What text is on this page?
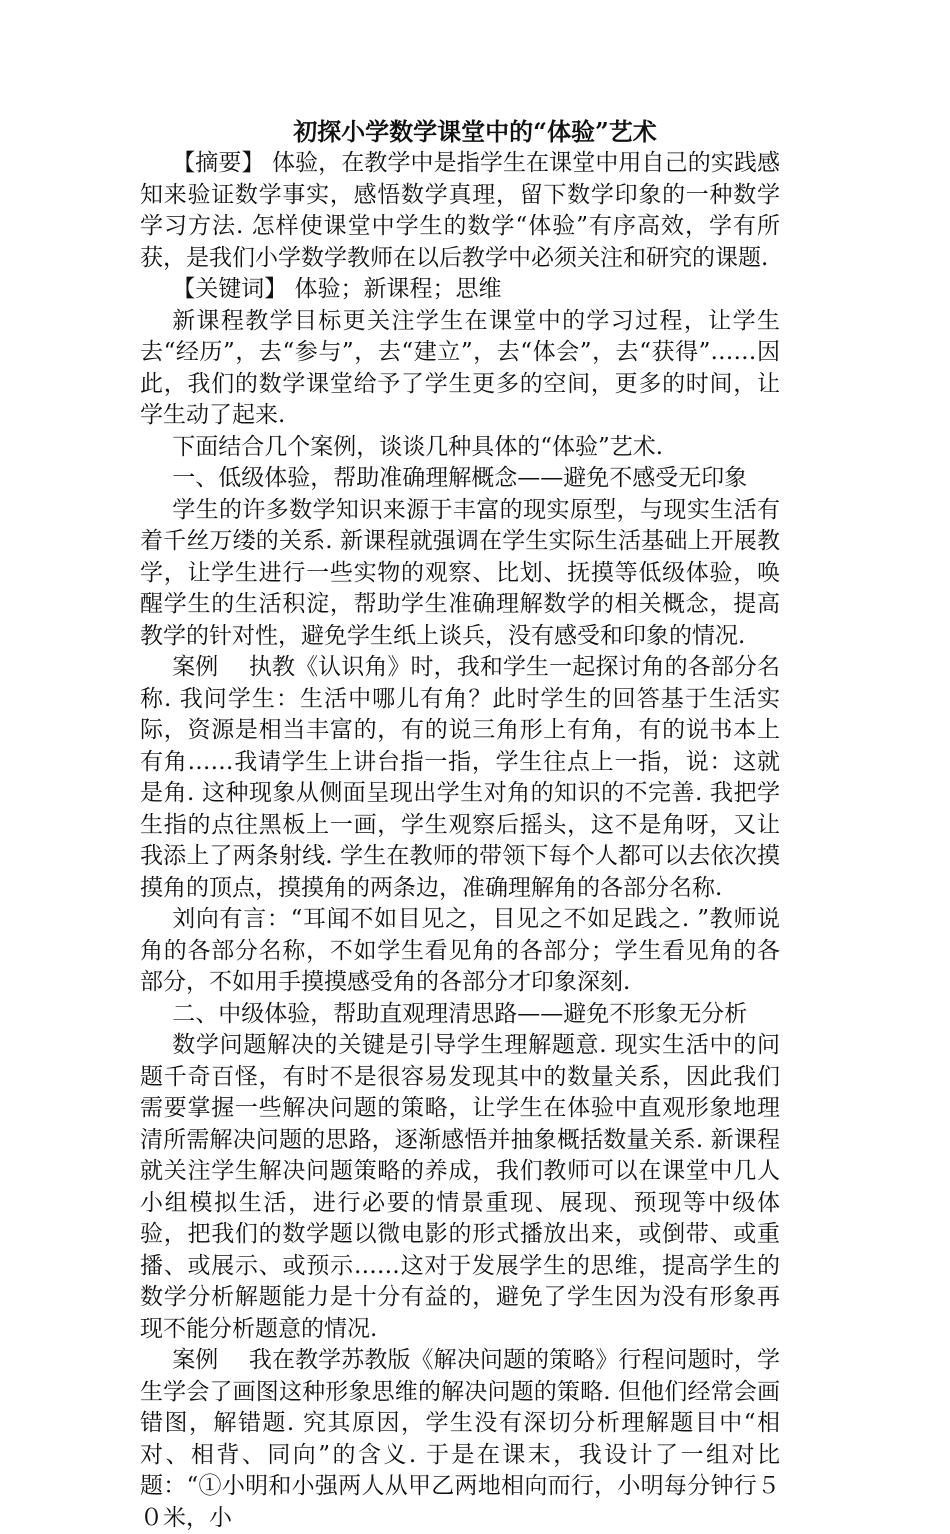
初探小学数学课堂中的“体验”艺术

【摘要】 体验，在教学中是指学生在课堂中用自己的实践感知来验证数学事实，感悟数学真理，留下数学印象的一种数学学习方法. 怎样使课堂中学生的数学“体验”有序高效，学有所获，是我们小学数学教师在以后教学中必须关注和研究的课题.

【关键词】 体验；新课程；思维

新课程教学目标更关注学生在课堂中的学习过程，让学生去“经历”，去“参与”，去“建立”，去“体会”，去“获得”……因此，我们的数学课堂给予了学生更多的空间，更多的时间，让学生动了起来.

下面结合几个案例，谈谈几种具体的“体验”艺术.

一、低级体验，帮助准确理解概念——避免不感受无印象

学生的许多数学知识来源于丰富的现实原型，与现实生活有着千丝万缕的关系. 新课程就强调在学生实际生活基础上开展教学，让学生进行一些实物的观察、比划、抚摸等低级体验，唤醒学生的生活积淀，帮助学生准确理解数学的相关概念，提高教学的针对性，避免学生纸上谈兵，没有感受和印象的情况.

案例　 执教《认识角》时，我和学生一起探讨角的各部分名称. 我问学生：生活中哪儿有角？此时学生的回答基于生活实际，资源是相当丰富的，有的说三角形上有角，有的说书本上有角……我请学生上讲台指一指，学生往点上一指，说：这就是角. 这种现象从侧面呈现出学生对角的知识的不完善. 我把学生指的点往黑板上一画，学生观察后摇头，这不是角呀，又让我添上了两条射线. 学生在教师的带领下每个人都可以去依次摸摸角的顶点，摸摸角的两条边，准确理解角的各部分名称.

刘向有言：“耳闻不如目见之，目见之不如足践之. ”教师说角的各部分名称，不如学生看见角的各部分；学生看见角的各部分，不如用手摸摸感受角的各部分才印象深刻.

二、中级体验，帮助直观理清思路——避免不形象无分析

数学问题解决的关键是引导学生理解题意. 现实生活中的问题千奇百怪，有时不是很容易发现其中的数量关系，因此我们需要掌握一些解决问题的策略，让学生在体验中直观形象地理清所需解决问题的思路，逐渐感悟并抽象概括数量关系. 新课程就关注学生解决问题策略的养成，我们教师可以在课堂中几人小组模拟生活，进行必要的情景重现、展现、预现等中级体验，把我们的数学题以微电影的形式播放出来，或倒带、或重播、或展示、或预示……这对于发展学生的思维，提高学生的数学分析解题能力是十分有益的，避免了学生因为没有形象再现不能分析题意的情况.

案例　 我在教学苏教版《解决问题的策略》行程问题时，学生学会了画图这种形象思维的解决问题的策略. 但他们经常会画错图，解错题. 究其原因，学生没有深切分析理解题目中“相对、相背、同向”的含义. 于是在课末，我设计了一组对比题：“①小明和小强两人从甲乙两地相向而行，小明每分钟行５０米，小
